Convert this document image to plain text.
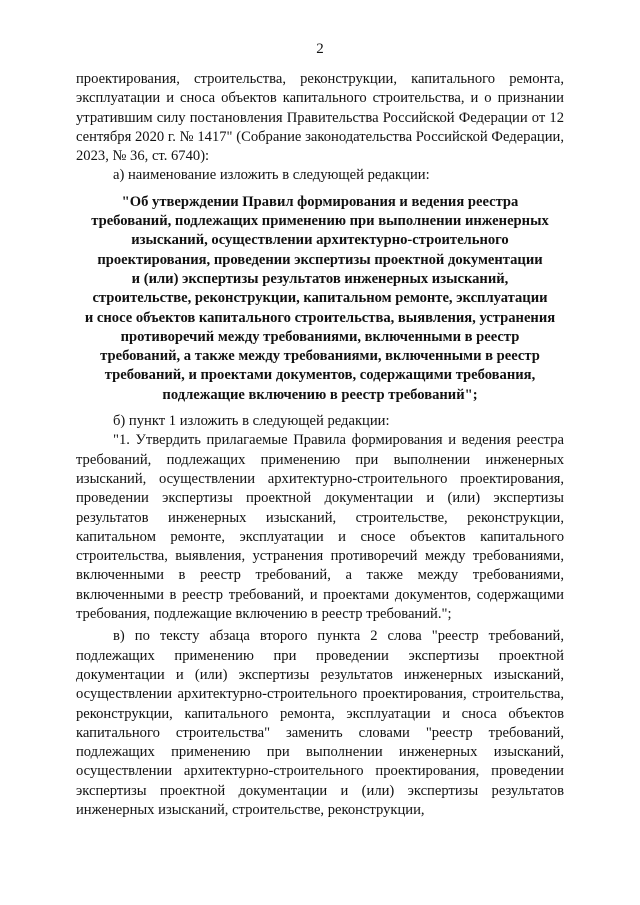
2

проектирования, строительства, реконструкции, капитального ремонта, эксплуатации и сноса объектов капитального строительства, и о признании утратившим силу постановления Правительства Российской Федерации от 12 сентября 2020 г. № 1417" (Собрание законодательства Российской Федерации, 2023, № 36, ст. 6740):

а) наименование изложить в следующей редакции:

"Об утверждении Правил формирования и ведения реестра
требований, подлежащих применению при выполнении инженерных
изысканий, осуществлении архитектурно-строительного
проектирования, проведении экспертизы проектной документации
и (или) экспертизы результатов инженерных изысканий,
строительстве, реконструкции, капитальном ремонте, эксплуатации
и сносе объектов капитального строительства, выявления, устранения
противоречий между требованиями, включенными в реестр
требований, а также между требованиями, включенными в реестр
требований, и проектами документов, содержащими требования,
подлежащие включению в реестр требований";

б) пункт 1 изложить в следующей редакции:

"1. Утвердить прилагаемые Правила формирования и ведения реестра требований, подлежащих применению при выполнении инженерных изысканий, осуществлении архитектурно-строительного проектирования, проведении экспертизы проектной документации и (или) экспертизы результатов инженерных изысканий, строительстве, реконструкции, капитальном ремонте, эксплуатации и сносе объектов капитального строительства, выявления, устранения противоречий между требованиями, включенными в реестр требований, а также между требованиями, включенными в реестр требований, и проектами документов, содержащими требования, подлежащие включению в реестр требований.";

в) по тексту абзаца второго пункта 2 слова "реестр требований, подлежащих применению при проведении экспертизы проектной документации и (или) экспертизы результатов инженерных изысканий, осуществлении архитектурно-строительного проектирования, строительства, реконструкции, капитального ремонта, эксплуатации и сноса объектов капитального строительства" заменить словами "реестр требований, подлежащих применению при выполнении инженерных изысканий, осуществлении архитектурно-строительного проектирования, проведении экспертизы проектной документации и (или) экспертизы результатов инженерных изысканий, строительстве, реконструкции,
